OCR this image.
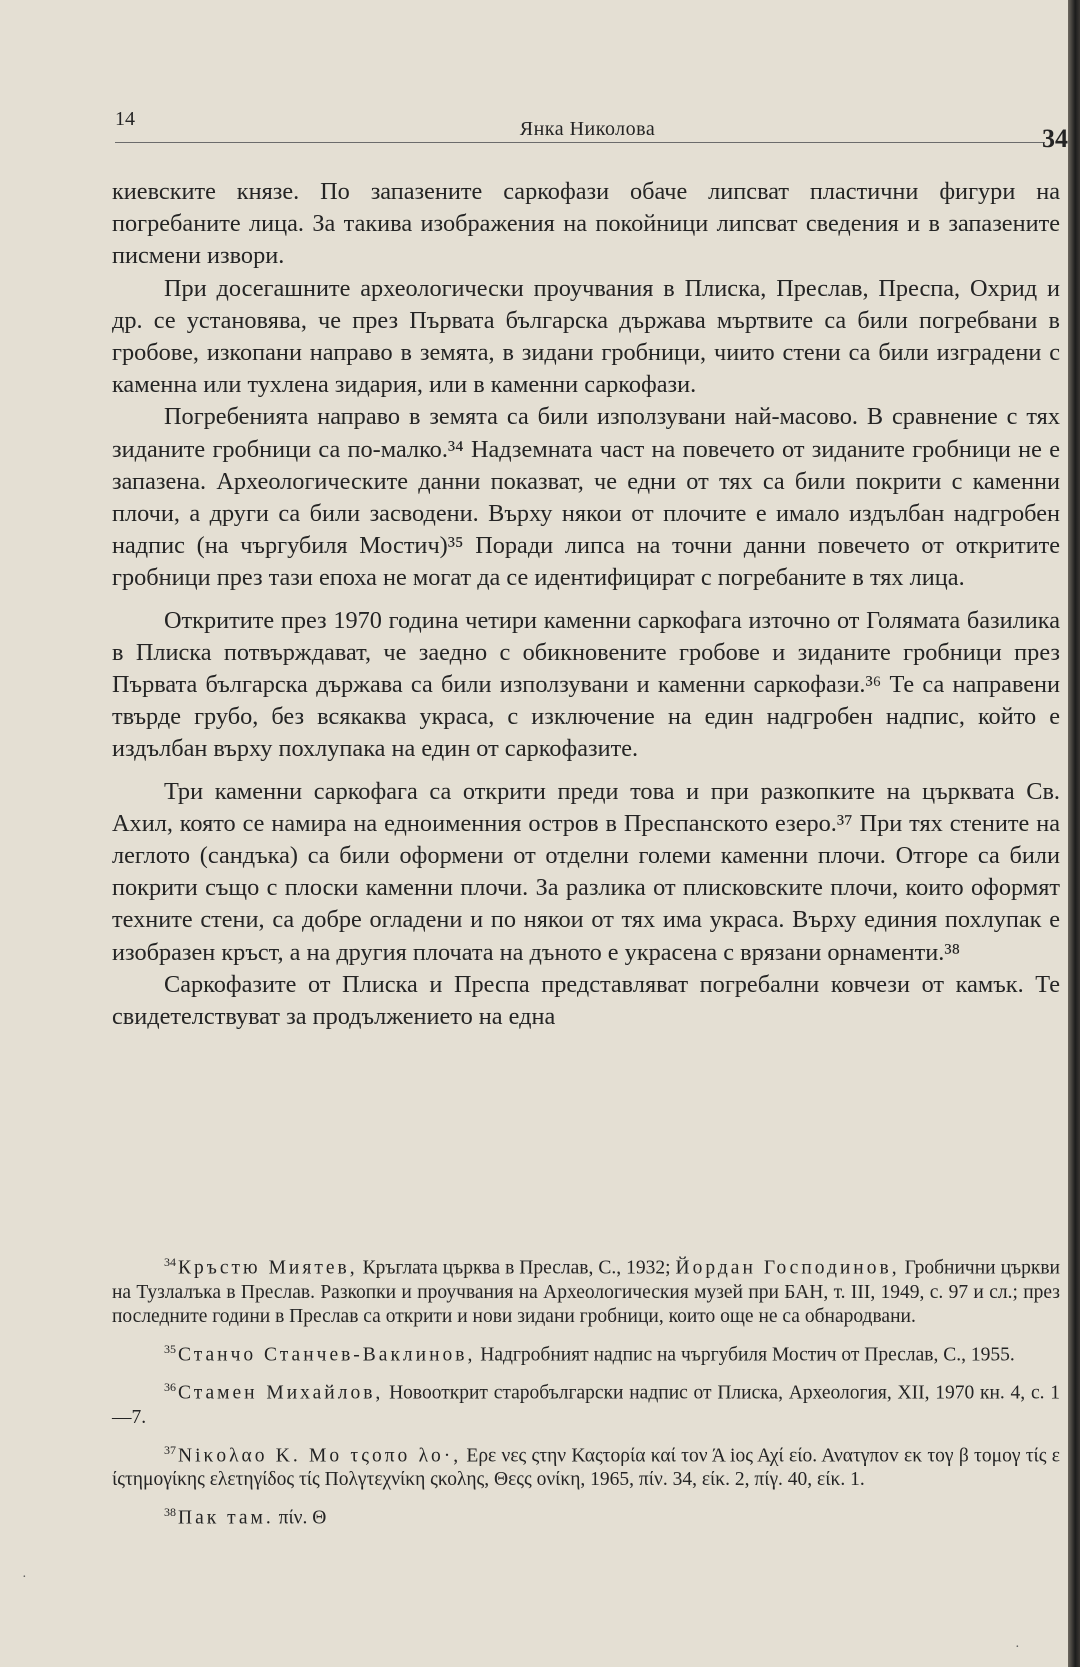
14	Янка Николова	34

киевските князе. По запазените саркофази обаче липсват пластични фигури на погребаните лица. За такива изображения на покойници липсват сведения и в запазените писмени извори.

При досегашните археологически проучвания в Плиска, Преслав, Преспа, Охрид и др. се установява, че през Първата българска държава мъртвите са били погребвани в гробове, изкопани направо в земята, в зидани гробници, чиито стени са били изградени с каменна или тухлена зидария, или в каменни саркофази.

Погребенията направо в земята са били използувани най-масово. В сравнение с тях зиданите гробници са по-малко.³⁴ Надземната част на повечето от зиданите гробници не е запазена. Археологическите данни показват, че едни от тях са били покрити с каменни плочи, а други са били засводени. Върху някои от плочите е имало издълбан надгробен надпис (на чъргубиля Мостич)³⁵ Поради липса на точни данни повечето от откритите гробници през тази епоха не могат да се идентифицират с погребаните в тях лица.

Откритите през 1970 година четири каменни саркофага източно от Голямата базилика в Плиска потвърждават, че заедно с обикновените гробове и зиданите гробници през Първата българска държава са били използувани и каменни саркофази.³⁶ Те са направени твърде грубо, без всякаква украса, с изключение на един надгробен надпис, който е издълбан върху похлупака на един от саркофазите.

Три каменни саркофага са открити преди това и при разкопките на църквата Св. Ахил, която се намира на едноименния остров в Преспанското езеро.³⁷ При тях стените на леглото (сандъка) са били оформени от отделни големи каменни плочи. Отгоре са били покрити също с плоски каменни плочи. За разлика от плисковските плочи, които оформят техните стени, са добре огладени и по някои от тях има украса. Върху единия похлупак е изобразен кръст, а на другия плочата на дъното е украсена с врязани орнаменти.³⁸

Саркофазите от Плиска и Преспа представляват погребални ковчези от камък. Те свидетелствуват за продължението на една

$^{34}$ Кръстю Миятев, Кръглата църква в Преслав, С., 1932; Йордан Господинов, Гробнични църкви на Тузлалъка в Преслав. Разкопки и проучвания на Археологическия музей при БАН, т. III, 1949, с. 97 и сл.; през последните години в Преслав са открити и нови зидани гробници, които още не са обнародвани.

$^{35}$ Станчо Станчев-Ваклинов, Надгробният надпис на чъргубиля Мостич от Преслав, С., 1955.

$^{36}$ Стамен Михайлов, Новооткрит старобългарски надпис от Плиска, Археология, XII, 1970 кн. 4, с. 1—7.

$^{37}$ Νiκoλαo Κ. Μo τςoπo λo·, Ερε νες ςτην Καςτορία καί τον Ά ioς Αχί είο. Ανατγποv εκ τογ β τομογ τίς ε ίςτημογίκης ελετηγίδος τίς Πολγτεχνίκη ςκολης, Θεςς ονίκη, 1965, πίν. 34, είκ. 2, πίγ. 40, είκ. 1.

$^{38}$ Пак там. πίν. Θ

·
·
